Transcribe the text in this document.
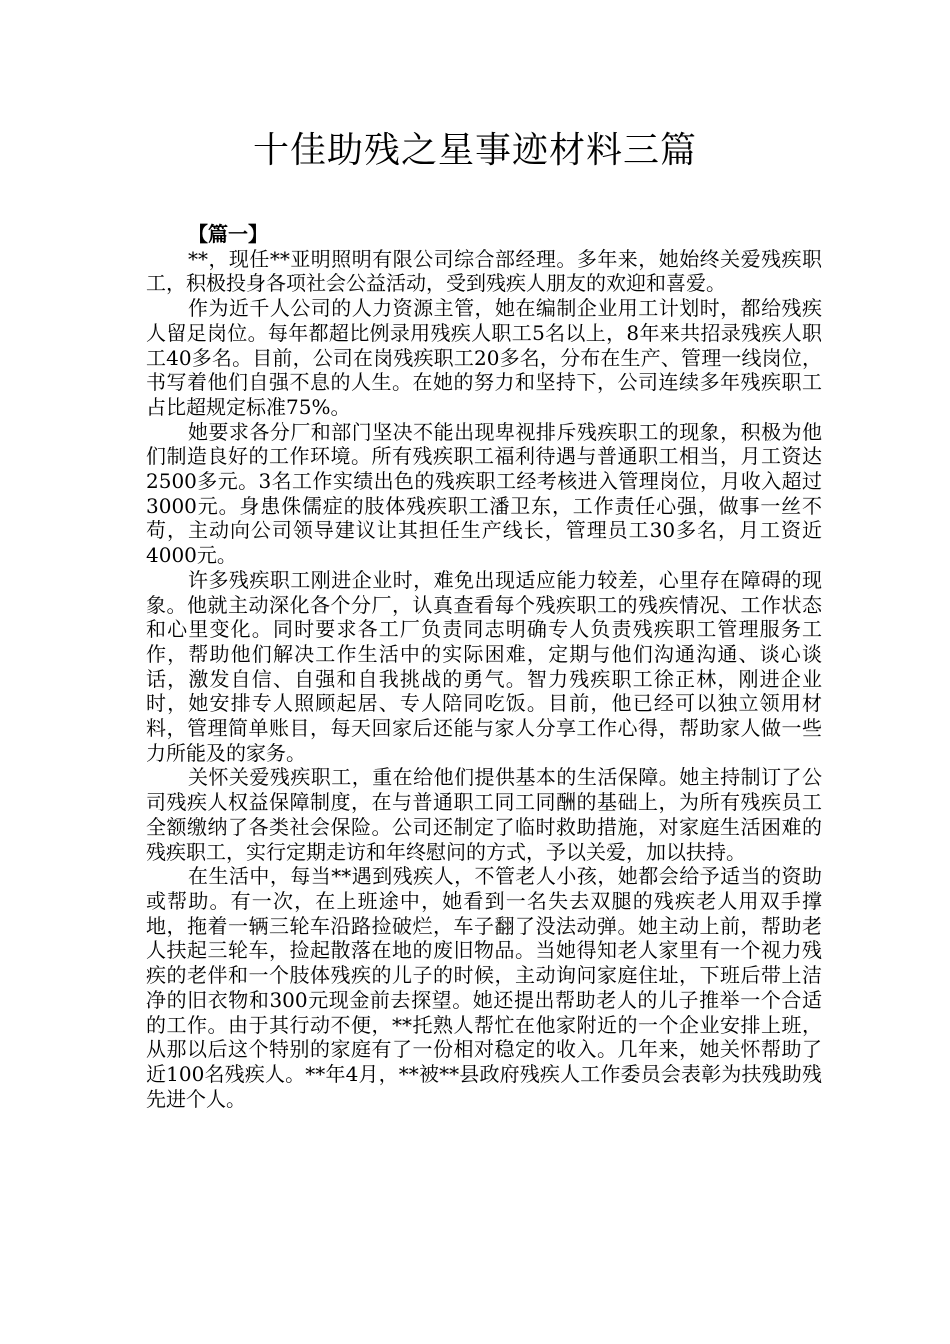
十佳助残之星事迹材料三篇

【篇一】

**，现任**亚明照明有限公司综合部经理。多年来，她始终关爱残疾职工，积极投身各项社会公益活动，受到残疾人朋友的欢迎和喜爱。

作为近千人公司的人力资源主管，她在编制企业用工计划时，都给残疾人留足岗位。每年都超比例录用残疾人职工5名以上，8年来共招录残疾人职工40多名。目前，公司在岗残疾职工20多名，分布在生产、管理一线岗位，书写着他们自强不息的人生。在她的努力和坚持下，公司连续多年残疾职工占比超规定标准75%。

她要求各分厂和部门坚决不能出现卑视排斥残疾职工的现象，积极为他们制造良好的工作环境。所有残疾职工福利待遇与普通职工相当，月工资达2500多元。3名工作实绩出色的残疾职工经考核进入管理岗位，月收入超过3000元。身患侏儒症的肢体残疾职工潘卫东，工作责任心强，做事一丝不苟，主动向公司领导建议让其担任生产线长，管理员工30多名，月工资近4000元。

许多残疾职工刚进企业时，难免出现适应能力较差，心里存在障碍的现象。他就主动深化各个分厂，认真查看每个残疾职工的残疾情况、工作状态和心里变化。同时要求各工厂负责同志明确专人负责残疾职工管理服务工作，帮助他们解决工作生活中的实际困难，定期与他们沟通沟通、谈心谈话，激发自信、自强和自我挑战的勇气。智力残疾职工徐正林，刚进企业时，她安排专人照顾起居、专人陪同吃饭。目前，他已经可以独立领用材料，管理简单账目，每天回家后还能与家人分享工作心得，帮助家人做一些力所能及的家务。

关怀关爱残疾职工，重在给他们提供基本的生活保障。她主持制订了公司残疾人权益保障制度，在与普通职工同工同酬的基础上，为所有残疾员工全额缴纳了各类社会保险。公司还制定了临时救助措施，对家庭生活困难的残疾职工，实行定期走访和年终慰问的方式，予以关爱，加以扶持。

在生活中，每当**遇到残疾人，不管老人小孩，她都会给予适当的资助或帮助。有一次，在上班途中，她看到一名失去双腿的残疾老人用双手撑地，拖着一辆三轮车沿路捡破烂，车子翻了没法动弹。她主动上前，帮助老人扶起三轮车，捡起散落在地的废旧物品。当她得知老人家里有一个视力残疾的老伴和一个肢体残疾的儿子的时候，主动询问家庭住址，下班后带上洁净的旧衣物和300元现金前去探望。她还提出帮助老人的儿子推举一个合适的工作。由于其行动不便，**托熟人帮忙在他家附近的一个企业安排上班，从那以后这个特别的家庭有了一份相对稳定的收入。几年来，她关怀帮助了近100名残疾人。**年4月，**被**县政府残疾人工作委员会表彰为扶残助残先进个人。
